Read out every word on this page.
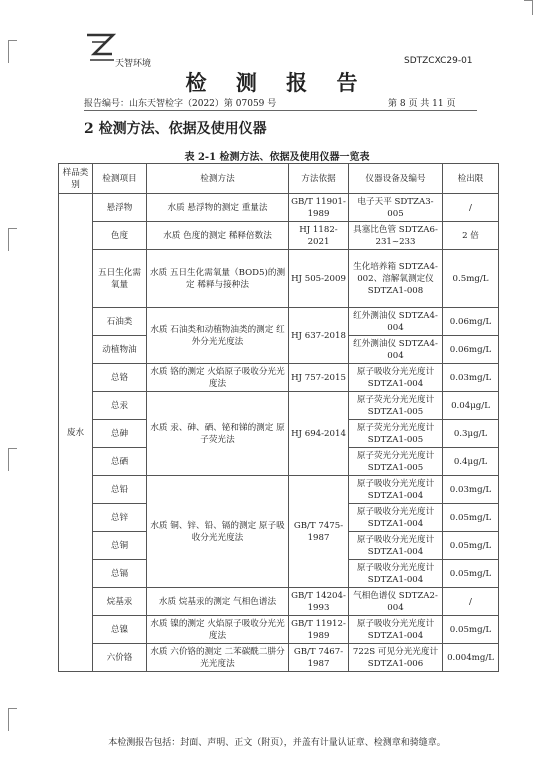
天智环境	SDTZCXC29-01
检 测 报 告
报告编号：山东天智检字（2022）第 07059 号	第 8 页 共 11 页
2 检测方法、依据及使用仪器
表 2-1 检测方法、依据及使用仪器一览表
样品类别	检测项目	检测方法	方法依据	仪器设备及编号	检出限
废水	悬浮物	水质 悬浮物的测定 重量法	GB/T 11901-1989	电子天平 SDTZA3-005	/
	色度	水质 色度的测定 稀释倍数法	HJ 1182-2021	具塞比色管 SDTZA6-231~233	2 倍
	五日生化需氧量	水质 五日生化需氧量（BOD5)的测定 稀释与接种法	HJ 505-2009	生化培养箱 SDTZA4-002、溶解氧测定仪 SDTZA1-008	0.5mg/L
	石油类	水质 石油类和动植物油类的测定 红外分光光度法	HJ 637-2018	红外测油仪 SDTZA4-004	0.06mg/L
	动植物油			红外测油仪 SDTZA4-004	0.06mg/L
	总铬	水质 铬的测定 火焰原子吸收分光光度法	HJ 757-2015	原子吸收分光光度计 SDTZA1-004	0.03mg/L
	总汞	水质 汞、砷、硒、铋和锑的测定 原子荧光法	HJ 694-2014	原子荧光分光光度计 SDTZA1-005	0.04μg/L
	总砷			原子荧光分光光度计 SDTZA1-005	0.3μg/L
	总硒			原子荧光分光光度计 SDTZA1-005	0.4μg/L
	总铅	水质 铜、锌、铅、镉的测定 原子吸收分光光度法	GB/T 7475-1987	原子吸收分光光度计 SDTZA1-004	0.03mg/L
	总锌			原子吸收分光光度计 SDTZA1-004	0.05mg/L
	总铜			原子吸收分光光度计 SDTZA1-004	0.05mg/L
	总镉			原子吸收分光光度计 SDTZA1-004	0.05mg/L
	烷基汞	水质 烷基汞的测定 气相色谱法	GB/T 14204-1993	气相色谱仪 SDTZA2-004	/
	总镍	水质 镍的测定 火焰原子吸收分光光度法	GB/T 11912-1989	原子吸收分光光度计 SDTZA1-004	0.05mg/L
	六价铬	水质 六价铬的测定 二苯碳酰二肼分光光度法	GB/T 7467-1987	722S 可见分光光度计 SDTZA1-006	0.004mg/L
本检测报告包括：封面、声明、正文（附页），并盖有计量认证章、检测章和骑缝章。
